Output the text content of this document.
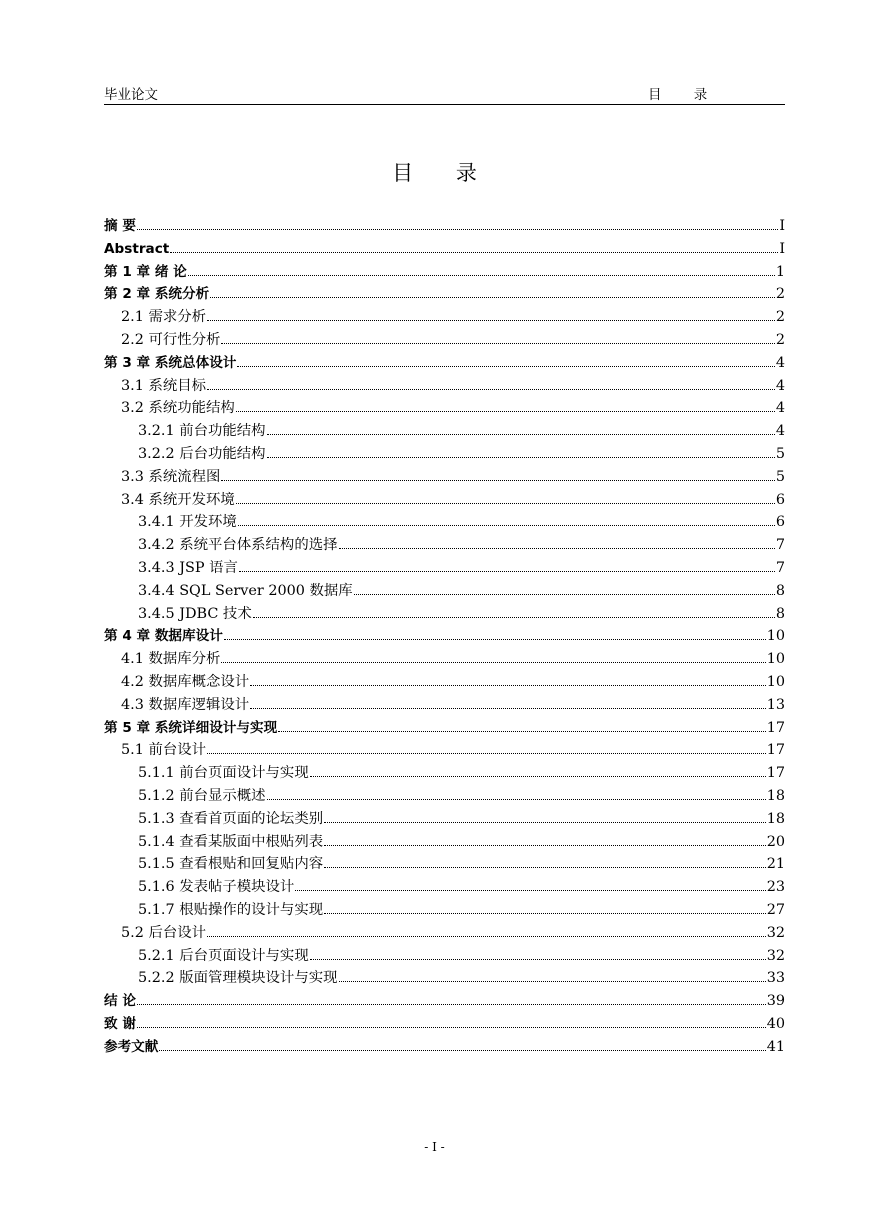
毕业论文	目 录
目 录
摘 要	I
Abstract	I
第 1 章 绪 论	1
第 2 章 系统分析	2
2.1 需求分析	2
2.2 可行性分析	2
第 3 章 系统总体设计	4
3.1 系统目标	4
3.2 系统功能结构	4
3.2.1 前台功能结构	4
3.2.2 后台功能结构	5
3.3 系统流程图	5
3.4 系统开发环境	6
3.4.1 开发环境	6
3.4.2 系统平台体系结构的选择	7
3.4.3 JSP 语言	7
3.4.4 SQL Server 2000 数据库	8
3.4.5 JDBC 技术	8
第 4 章 数据库设计	10
4.1 数据库分析	10
4.2 数据库概念设计	10
4.3 数据库逻辑设计	13
第 5 章 系统详细设计与实现	17
5.1 前台设计	17
5.1.1 前台页面设计与实现	17
5.1.2 前台显示概述	18
5.1.3 查看首页面的论坛类别	18
5.1.4 查看某版面中根贴列表	20
5.1.5 查看根贴和回复贴内容	21
5.1.6 发表帖子模块设计	23
5.1.7 根贴操作的设计与实现	27
5.2 后台设计	32
5.2.1 后台页面设计与实现	32
5.2.2 版面管理模块设计与实现	33
结 论	39
致 谢	40
参考文献	41
- I -
